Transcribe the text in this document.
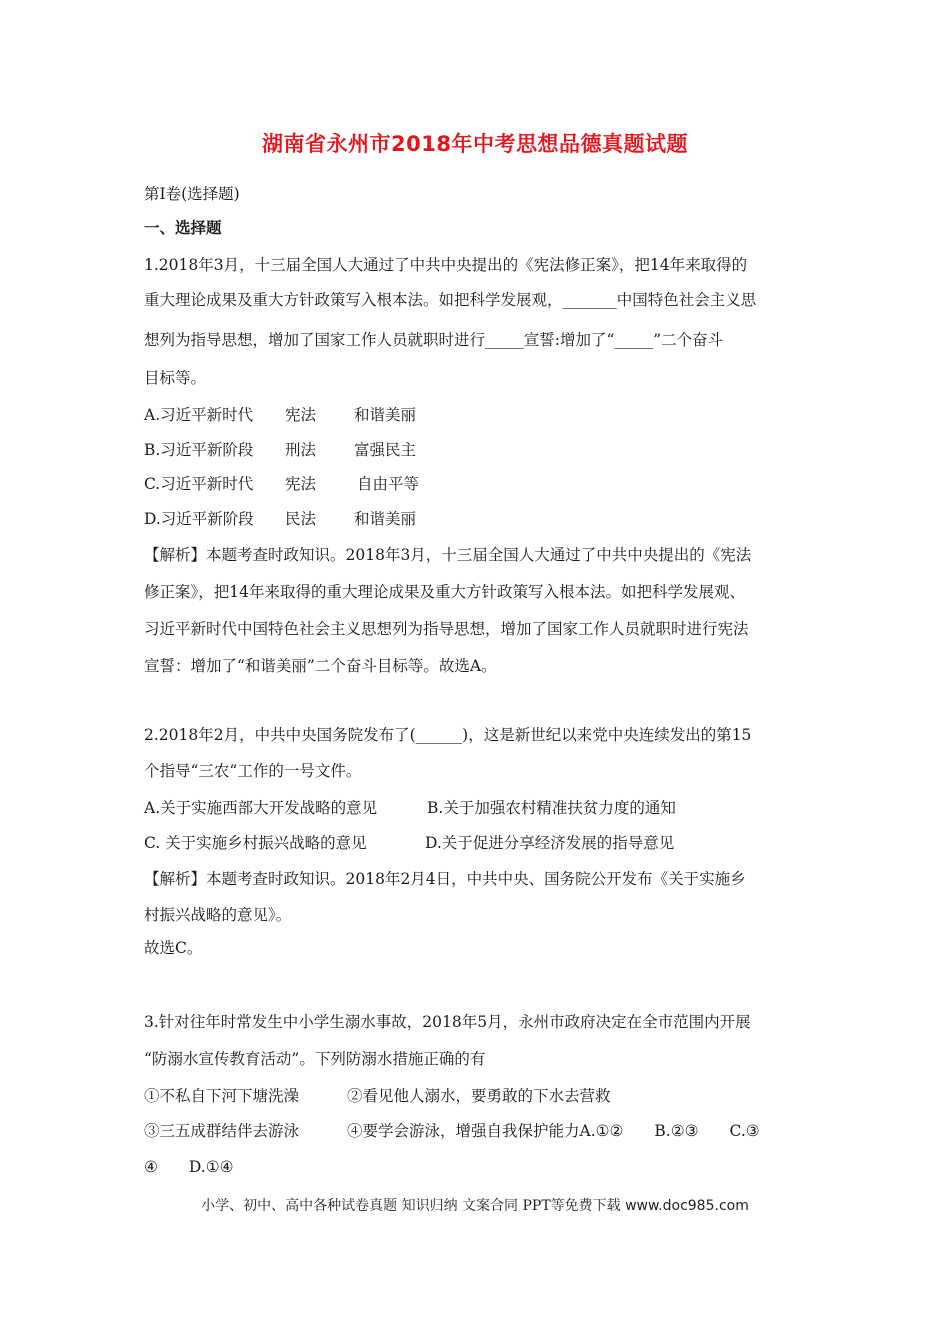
湖南省永州市2018年中考思想品德真题试题
第Ⅰ卷(选择题)
一、选择题
1.2018年3月，十三届全国人大通过了中共中央提出的《宪法修正案》，把14年来取得的
重大理论成果及重大方针政策写入根本法。如把科学发展观，_______中国特色社会主义思
想列为指导思想，增加了国家工作人员就职时进行_____宣誓:增加了“_____”二个奋斗
目标等。
A.习近平新时代 宪法 和谐美丽
B.习近平新阶段 刑法 富强民主
C.习近平新时代 宪法	自由平等
D.习近平新阶段 民法 和谐美丽
【解析】本题考查时政知识。2018年3月，十三届全国人大通过了中共中央提出的《宪法
修正案》，把14年来取得的重大理论成果及重大方针政策写入根本法。如把科学发展观、
习近平新时代中国特色社会主义思想列为指导思想，增加了国家工作人员就职时进行宪法
宣誓：增加了“和谐美丽”二个奋斗目标等。故选A。
2.2018年2月，中共中央国务院发布了(______)，这是新世纪以来党中央连续发出的第15
个指导“三农“工作的一号文件。
A.关于实施西部大开发战略的意见	B.关于加强农村精准扶贫力度的通知
C. 关于实施乡村振兴战略的意见	D.关于促进分享经济发展的指导意见
【解析】本题考查时政知识。2018年2月4日，中共中央、国务院公开发布《关于实施乡
村振兴战略的意见》。
故选C。
3.针对往年时常发生中小学生溺水事故，2018年5月，永州市政府决定在全市范围内开展
“防溺水宣传教育活动”。下列防溺水措施正确的有
①不私自下河下塘洗澡	②看见他人溺水，要勇敢的下水去营救
③三五成群结伴去游泳	④要学会游泳，增强自我保护能力A.①②　　B.②③　　C.③
④　　D.①④
小学、初中、高中各种试卷真题 知识归纳 文案合同 PPT等免费下载 www.doc985.com
